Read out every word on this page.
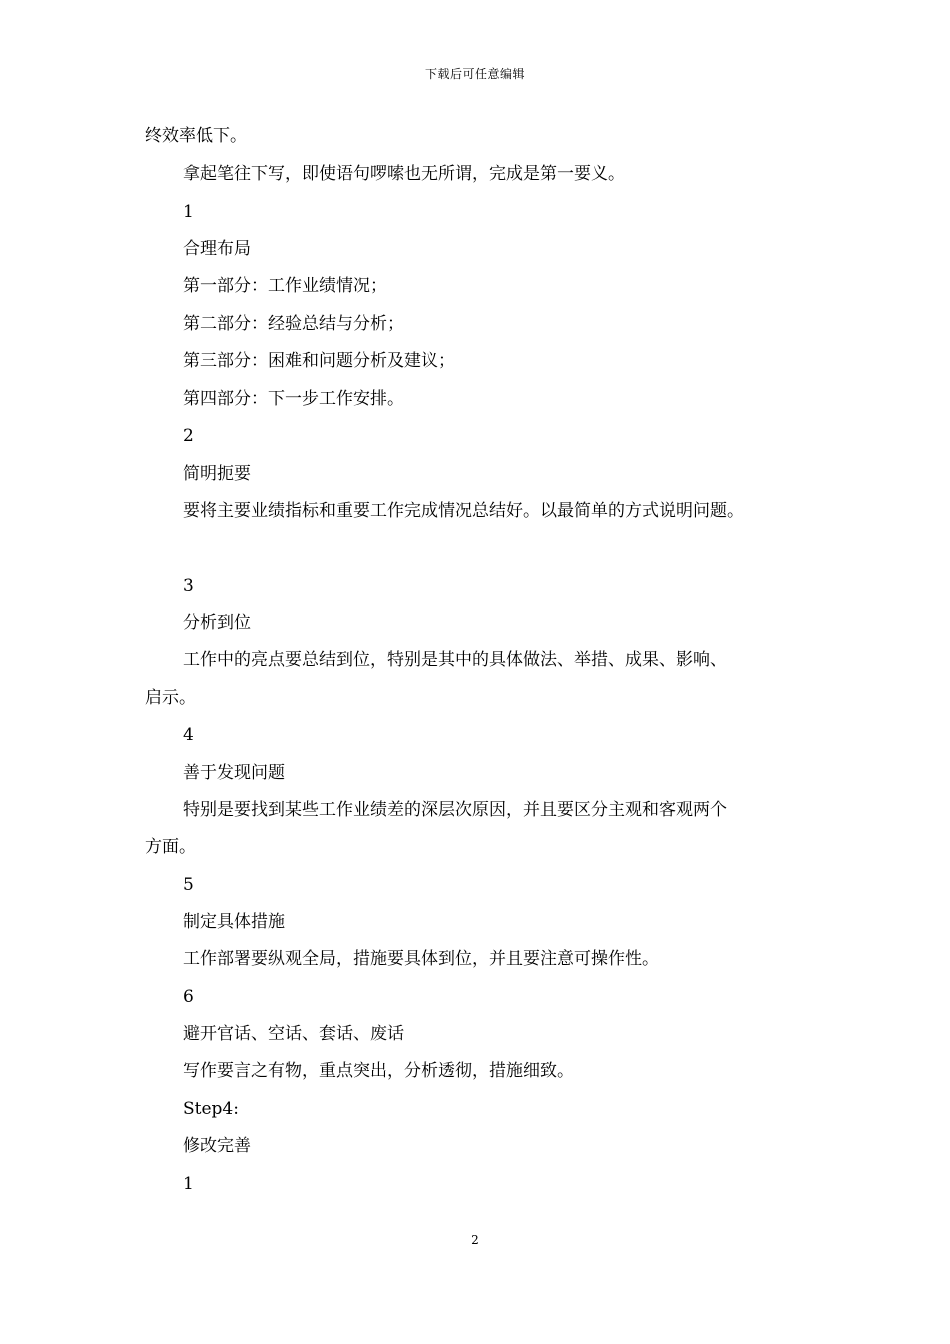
下载后可任意编辑
终效率低下。
拿起笔往下写，即使语句啰嗦也无所谓，完成是第一要义。
1
合理布局
第一部分：工作业绩情况；
第二部分：经验总结与分析；
第三部分：困难和问题分析及建议；
第四部分：下一步工作安排。
2
简明扼要
要将主要业绩指标和重要工作完成情况总结好。以最简单的方式说明问题。
3
分析到位
工作中的亮点要总结到位，特别是其中的具体做法、举措、成果、影响、
启示。
4
善于发现问题
特别是要找到某些工作业绩差的深层次原因，并且要区分主观和客观两个
方面。
5
制定具体措施
工作部署要纵观全局，措施要具体到位，并且要注意可操作性。
6
避开官话、空话、套话、废话
写作要言之有物，重点突出，分析透彻，措施细致。
Step4:
修改完善
1
2
